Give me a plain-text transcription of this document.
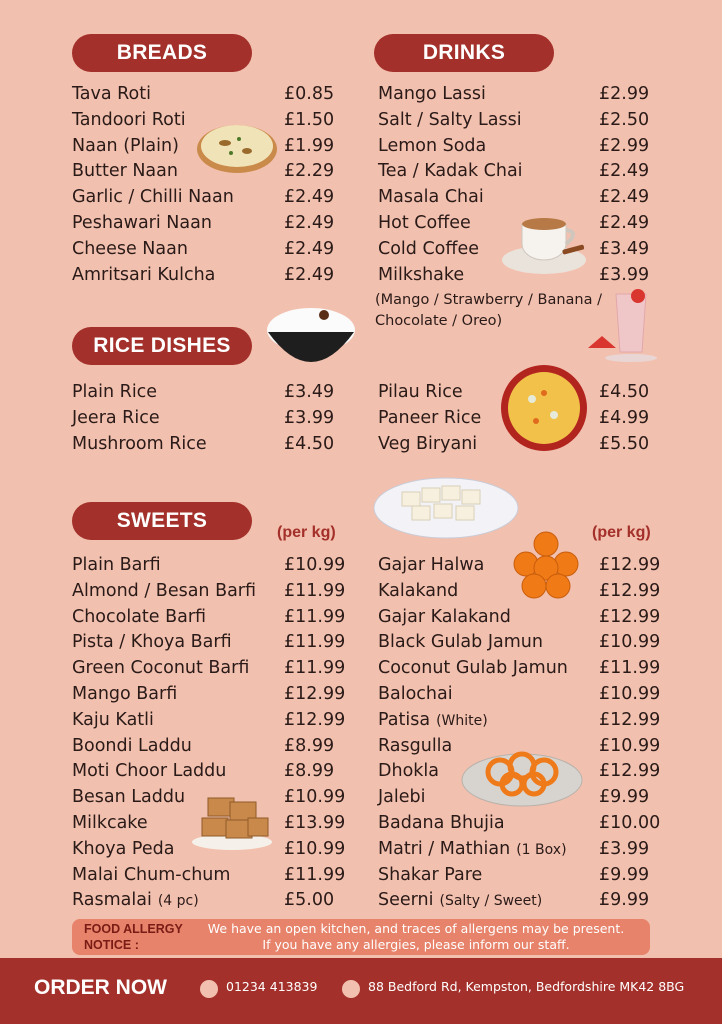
BREADS	DRINKS
RICE DISHES
SWEETS
(per kg)	(per kg)
Tava Roti	£0.85
Tandoori Roti	£1.50
Naan (Plain)	£1.99
Butter Naan	£2.29
Garlic / Chilli Naan	£2.49
Peshawari Naan	£2.49
Cheese Naan	£2.49
Amritsari Kulcha	£2.49
Mango Lassi	£2.99
Salt / Salty Lassi	£2.50
Lemon Soda	£2.99
Tea / Kadak Chai	£2.49
Masala Chai	£2.49
Hot Coffee	£2.49
Cold Coffee	£3.49
Milkshake	£3.99
Plain Rice	£3.49
Jeera Rice	£3.99
Mushroom Rice	£4.50
Pilau Rice	£4.50
Paneer Rice	£4.99
Veg Biryani	£5.50
Plain Barfi	£10.99
Almond / Besan Barfi £11.99
Chocolate Barfi	£11.99
Pista / Khoya Barfi	£11.99
Green Coconut Barfi £11.99
Mango Barfi	£12.99
Kaju Katli	£12.99
Boondi Laddu	£8.99
Moti Choor Laddu	£8.99
Besan Laddu	£10.99
Milkcake	£13.99
Khoya Peda	£10.99
Malai Chum-chum	£11.99
Rasmalai (4 pc)	£5.00
Gajar Halwa	£12.99
Kalakand	£12.99
Gajar Kalakand	£12.99
Black Gulab Jamun	£10.99
Coconut Gulab Jamun £11.99
Balochai	£10.99
Patisa (White)	£12.99
Rasgulla	£10.99
Dhokla	£12.99
Jalebi	£9.99
Badana Bhujia	£10.00
Matri / Mathian (1 Box) £3.99
Shakar Pare	£9.99
Seerni (Salty / Sweet)	£9.99
(Mango / Strawberry / Banana / Chocolate / Oreo)
FOOD ALLERGY NOTICE :
We have an open kitchen, and traces of allergens may be present.
If you have any allergies, please inform our staff.
ORDER NOW	01234 413839	88 Bedford Rd, Kempston, Bedfordshire MK42 8BG
